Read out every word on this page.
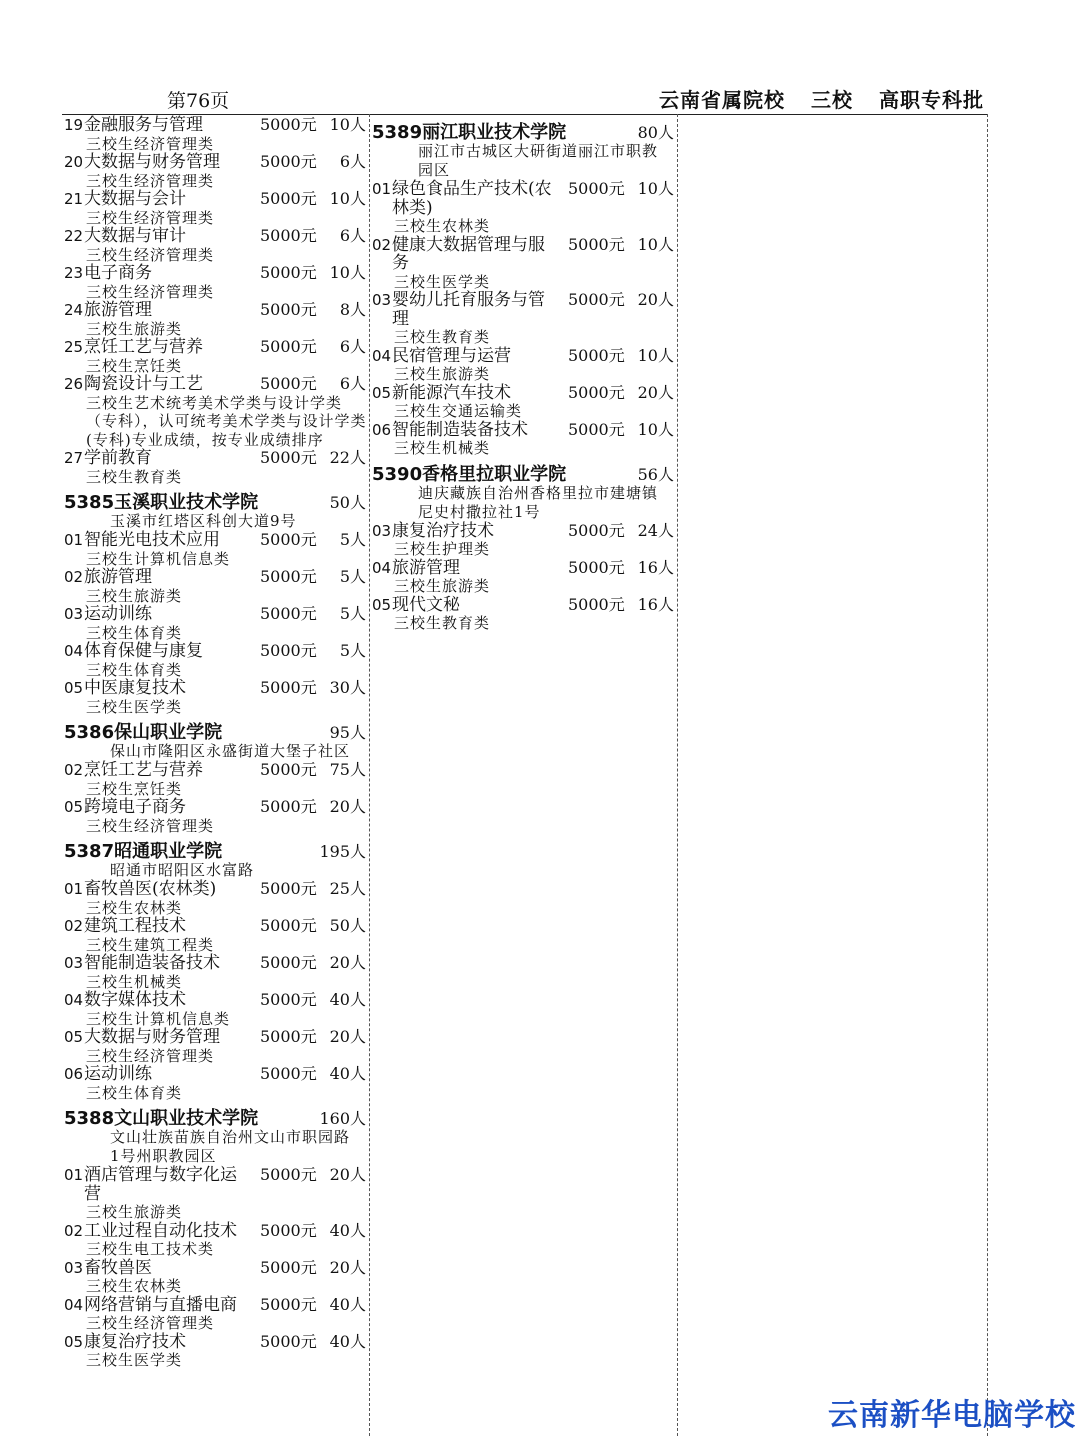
第76页	云南省属院校 三校 高职专科批
19金融服务与管理	5000元 10人
三校生经济管理类
20大数据与财务管理	5000元 6人
三校生经济管理类
21大数据与会计	5000元 10人
三校生经济管理类
22大数据与审计	5000元 6人
三校生经济管理类
23电子商务	5000元 10人
三校生经济管理类
24旅游管理	5000元 8人
三校生旅游类
25烹饪工艺与营养	5000元 6人
三校生烹饪类
26陶瓷设计与工艺	5000元 6人
三校生艺术统考美术学类与设计学类（专科），认可统考美术学类与设计学类(专科)专业成绩，按专业成绩排序
27学前教育	5000元 22人
三校生教育类
5385玉溪职业技术学院	50人
玉溪市红塔区科创大道9号
01智能光电技术应用	5000元 5人
三校生计算机信息类
02旅游管理	5000元 5人
三校生旅游类
03运动训练	5000元 5人
三校生体育类
04体育保健与康复	5000元 5人
三校生体育类
05中医康复技术	5000元 30人
三校生医学类
5386保山职业学院	95人
保山市隆阳区永盛街道大堡子社区
02烹饪工艺与营养	5000元 75人
三校生烹饪类
05跨境电子商务	5000元 20人
三校生经济管理类
5387昭通职业学院	195人
昭通市昭阳区水富路
01畜牧兽医(农林类)	5000元 25人
三校生农林类
02建筑工程技术	5000元 50人
三校生建筑工程类
03智能制造装备技术	5000元 20人
三校生机械类
04数字媒体技术	5000元 40人
三校生计算机信息类
05大数据与财务管理	5000元 20人
三校生经济管理类
06运动训练	5000元 40人
三校生体育类
5388文山职业技术学院	160人
文山壮族苗族自治州文山市职园路1号州职教园区
01酒店管理与数字化运营
5000元 20人
三校生旅游类
02工业过程自动化技术 5000元 40人
三校生电工技术类
03畜牧兽医	5000元 20人
三校生农林类
04网络营销与直播电商 5000元 40人
三校生经济管理类
05康复治疗技术	5000元 40人
三校生医学类
5389丽江职业技术学院	80人
丽江市古城区大研街道丽江市职教园区
01绿色食品生产技术(农林类)
5000元 10人
三校生农林类
02健康大数据管理与服务
5000元 10人
三校生医学类
03婴幼儿托育服务与管理
5000元 20人
三校生教育类
04民宿管理与运营	5000元 10人
三校生旅游类
05新能源汽车技术	5000元 20人
三校生交通运输类
06智能制造装备技术	5000元 10人
三校生机械类
5390香格里拉职业学院	56人
迪庆藏族自治州香格里拉市建塘镇尼史村撒拉社1号
03康复治疗技术	5000元 24人
三校生护理类
04旅游管理	5000元 16人
三校生旅游类
05现代文秘	5000元 16人
三校生教育类
云南新华电脑学校
